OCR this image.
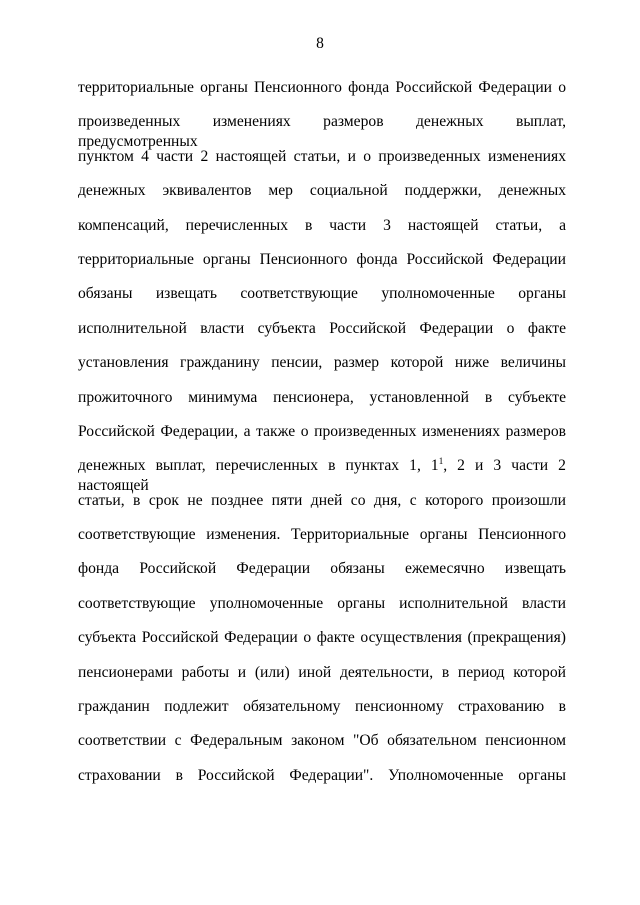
8
территориальные органы Пенсионного фонда Российской Федерации о
произведенных изменениях размеров денежных выплат, предусмотренных
пунктом 4 части 2 настоящей статьи, и о произведенных изменениях
денежных эквивалентов мер социальной поддержки, денежных
компенсаций, перечисленных в части 3 настоящей статьи, а
территориальные органы Пенсионного фонда Российской Федерации
обязаны извещать соответствующие уполномоченные органы
исполнительной власти субъекта Российской Федерации о факте
установления гражданину пенсии, размер которой ниже величины
прожиточного минимума пенсионера, установленной в субъекте
Российской Федерации, а также о произведенных изменениях размеров
денежных выплат, перечисленных в пунктах 1, $1^1$, 2 и 3 части 2 настоящей
статьи, в срок не позднее пяти дней со дня, с которого произошли
соответствующие изменения. Территориальные органы Пенсионного
фонда Российской Федерации обязаны ежемесячно извещать
соответствующие уполномоченные органы исполнительной власти
субъекта Российской Федерации о факте осуществления (прекращения)
пенсионерами работы и (или) иной деятельности, в период которой
гражданин подлежит обязательному пенсионному страхованию в
соответствии с Федеральным законом "Об обязательном пенсионном
страховании в Российской Федерации". Уполномоченные органы
